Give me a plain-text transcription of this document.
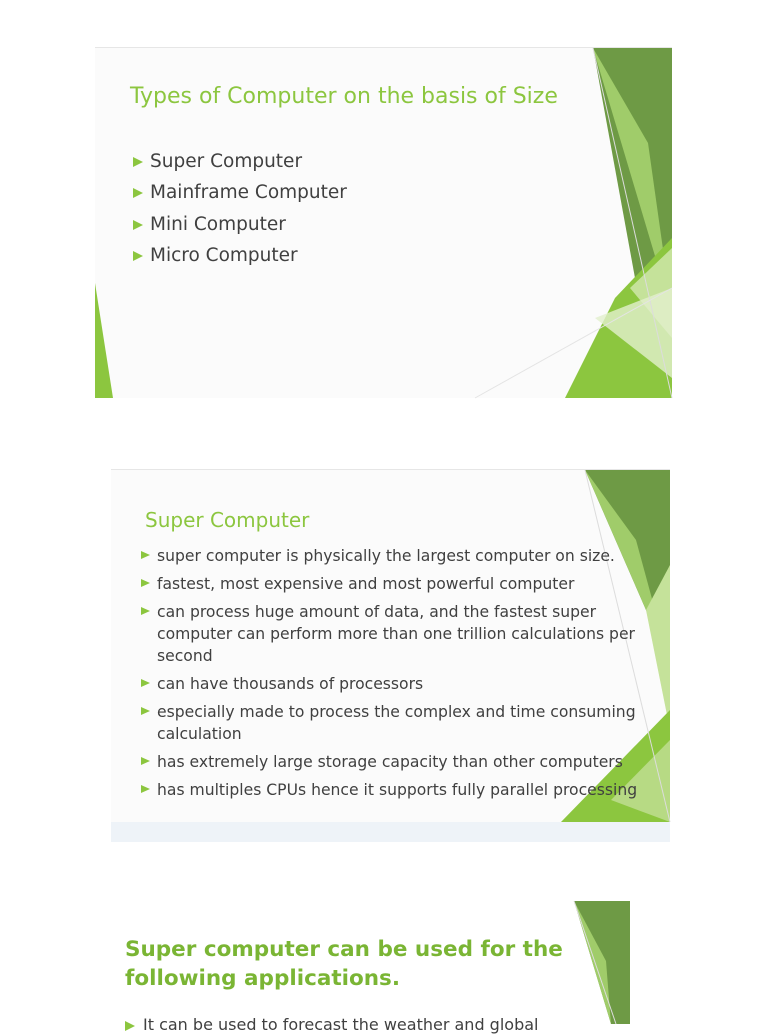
Types of Computer on the basis of Size
Super Computer
Mainframe Computer
Mini Computer
Micro Computer
Super Computer
super computer is physically the largest computer on size.
fastest, most expensive and most powerful computer
can process huge amount of data, and the fastest super computer can perform more than one trillion calculations per second
can have thousands of processors
especially made to process the complex and time consuming calculation
has extremely large storage capacity than other computers
has multiples CPUs hence it supports fully parallel processing
Super computer can be used for the following applications.
It can be used to forecast the weather and global
